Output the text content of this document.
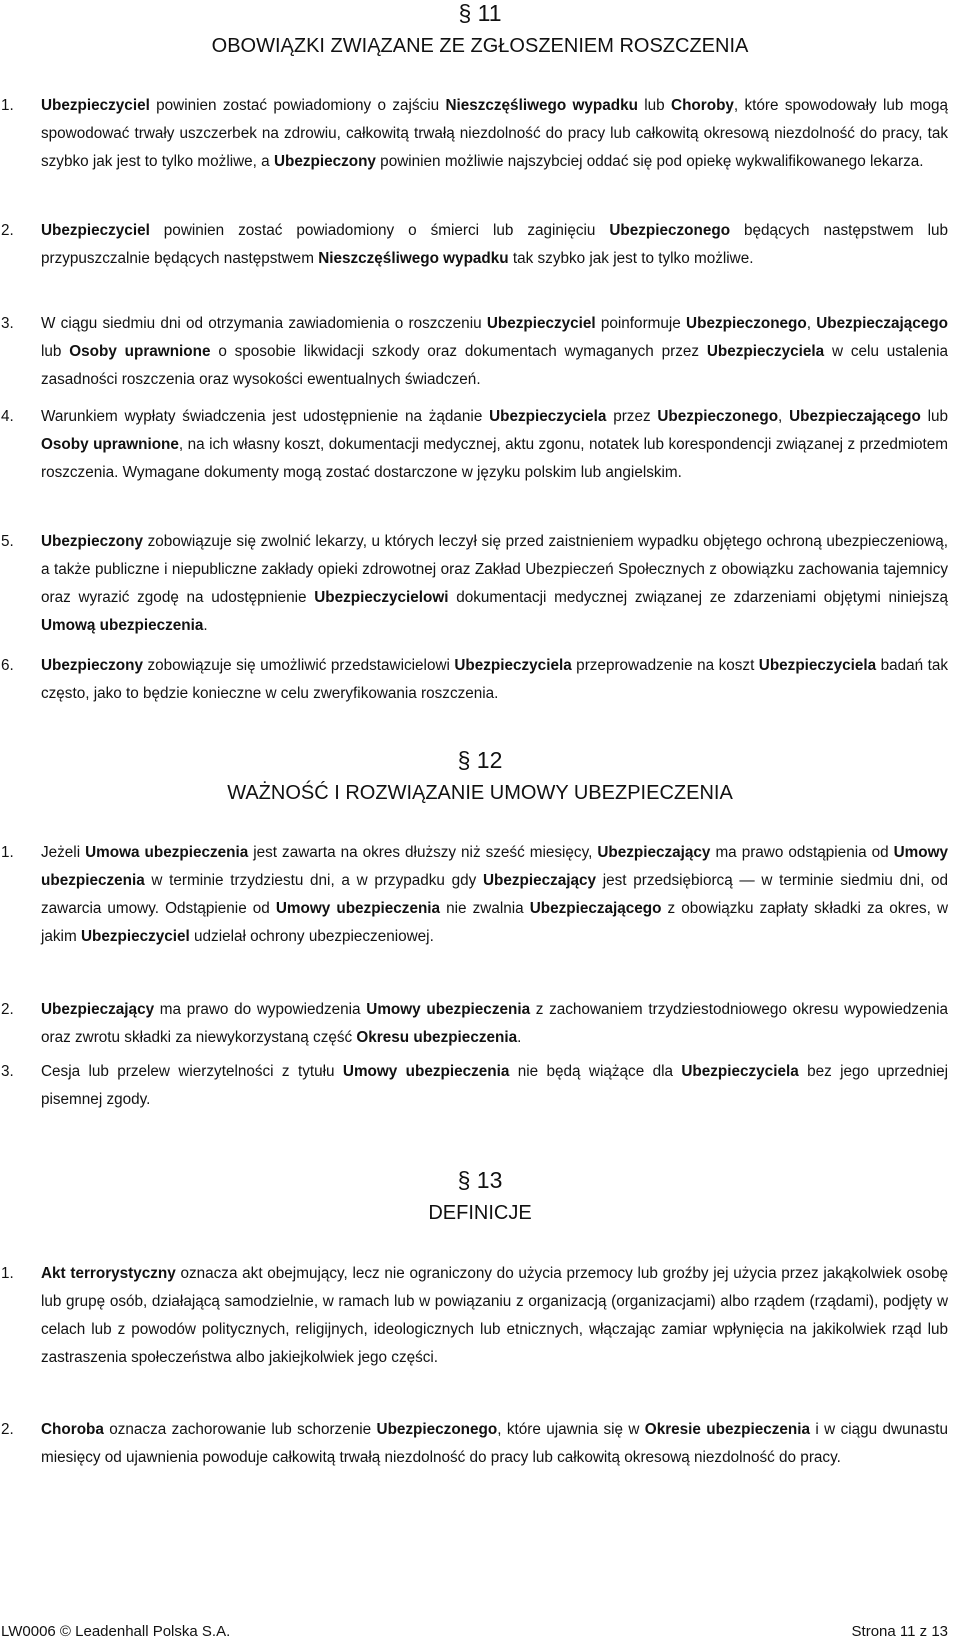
§ 11
OBOWIĄZKI ZWIĄZANE ZE ZGŁOSZENIEM ROSZCZENIA
1. Ubezpieczyciel powinien zostać powiadomiony o zajściu Nieszczęśliwego wypadku lub Choroby, które spowodowały lub mogą spowodować trwały uszczerbek na zdrowiu, całkowitą trwałą niezdolność do pracy lub całkowitą okresową niezdolność do pracy, tak szybko jak jest to tylko możliwe, a Ubezpieczony powinien możliwie najszybciej oddać się pod opiekę wykwalifikowanego lekarza.
2. Ubezpieczyciel powinien zostać powiadomiony o śmierci lub zaginięciu Ubezpieczonego będących następstwem lub przypuszczalnie będących następstwem Nieszczęśliwego wypadku tak szybko jak jest to tylko możliwe.
3. W ciągu siedmiu dni od otrzymania zawiadomienia o roszczeniu Ubezpieczyciel poinformuje Ubezpieczonego, Ubezpieczającego lub Osoby uprawnione o sposobie likwidacji szkody oraz dokumentach wymaganych przez Ubezpieczyciela w celu ustalenia zasadności roszczenia oraz wysokości ewentualnych świadczeń.
4. Warunkiem wypłaty świadczenia jest udostępnienie na żądanie Ubezpieczyciela przez Ubezpieczonego, Ubezpieczającego lub Osoby uprawnione, na ich własny koszt, dokumentacji medycznej, aktu zgonu, notatek lub korespondencji związanej z przedmiotem roszczenia. Wymagane dokumenty mogą zostać dostarczone w języku polskim lub angielskim.
5. Ubezpieczony zobowiązuje się zwolnić lekarzy, u których leczył się przed zaistnieniem wypadku objętego ochroną ubezpieczeniową, a także publiczne i niepubliczne zakłady opieki zdrowotnej oraz Zakład Ubezpieczeń Społecznych z obowiązku zachowania tajemnicy oraz wyrazić zgodę na udostępnienie Ubezpieczycielowi dokumentacji medycznej związanej ze zdarzeniami objętymi niniejszą Umową ubezpieczenia.
6. Ubezpieczony zobowiązuje się umożliwić przedstawicielowi Ubezpieczyciela przeprowadzenie na koszt Ubezpieczyciela badań tak często, jako to będzie konieczne w celu zweryfikowania roszczenia.
§ 12
WAŻNOŚĆ I ROZWIĄZANIE UMOWY UBEZPIECZENIA
1. Jeżeli Umowa ubezpieczenia jest zawarta na okres dłuższy niż sześć miesięcy, Ubezpieczający ma prawo odstąpienia od Umowy ubezpieczenia w terminie trzydziestu dni, a w przypadku gdy Ubezpieczający jest przedsiębiorcą — w terminie siedmiu dni, od zawarcia umowy. Odstąpienie od Umowy ubezpieczenia nie zwalnia Ubezpieczającego z obowiązku zapłaty składki za okres, w jakim Ubezpieczyciel udzielał ochrony ubezpieczeniowej.
2. Ubezpieczający ma prawo do wypowiedzenia Umowy ubezpieczenia z zachowaniem trzydziestodniowego okresu wypowiedzenia oraz zwrotu składki za niewykorzystaną część Okresu ubezpieczenia.
3. Cesja lub przelew wierzytelności z tytułu Umowy ubezpieczenia nie będą wiążące dla Ubezpieczyciela bez jego uprzedniej pisemnej zgody.
§ 13
DEFINICJE
1. Akt terrorystyczny oznacza akt obejmujący, lecz nie ograniczony do użycia przemocy lub groźby jej użycia przez jakąkolwiek osobę lub grupę osób, działającą samodzielnie, w ramach lub w powiązaniu z organizacją (organizacjami) albo rządem (rządami), podjęty w celach lub z powodów politycznych, religijnych, ideologicznych lub etnicznych, włączając zamiar wpłynięcia na jakikolwiek rząd lub zastraszenia społeczeństwa albo jakiejkolwiek jego części.
2. Choroba oznacza zachorowanie lub schorzenie Ubezpieczonego, które ujawnia się w Okresie ubezpieczenia i w ciągu dwunastu miesięcy od ujawnienia powoduje całkowitą trwałą niezdolność do pracy lub całkowitą okresową niezdolność do pracy.
LW0006 © Leadenhall Polska S.A.	Strona 11 z 13
